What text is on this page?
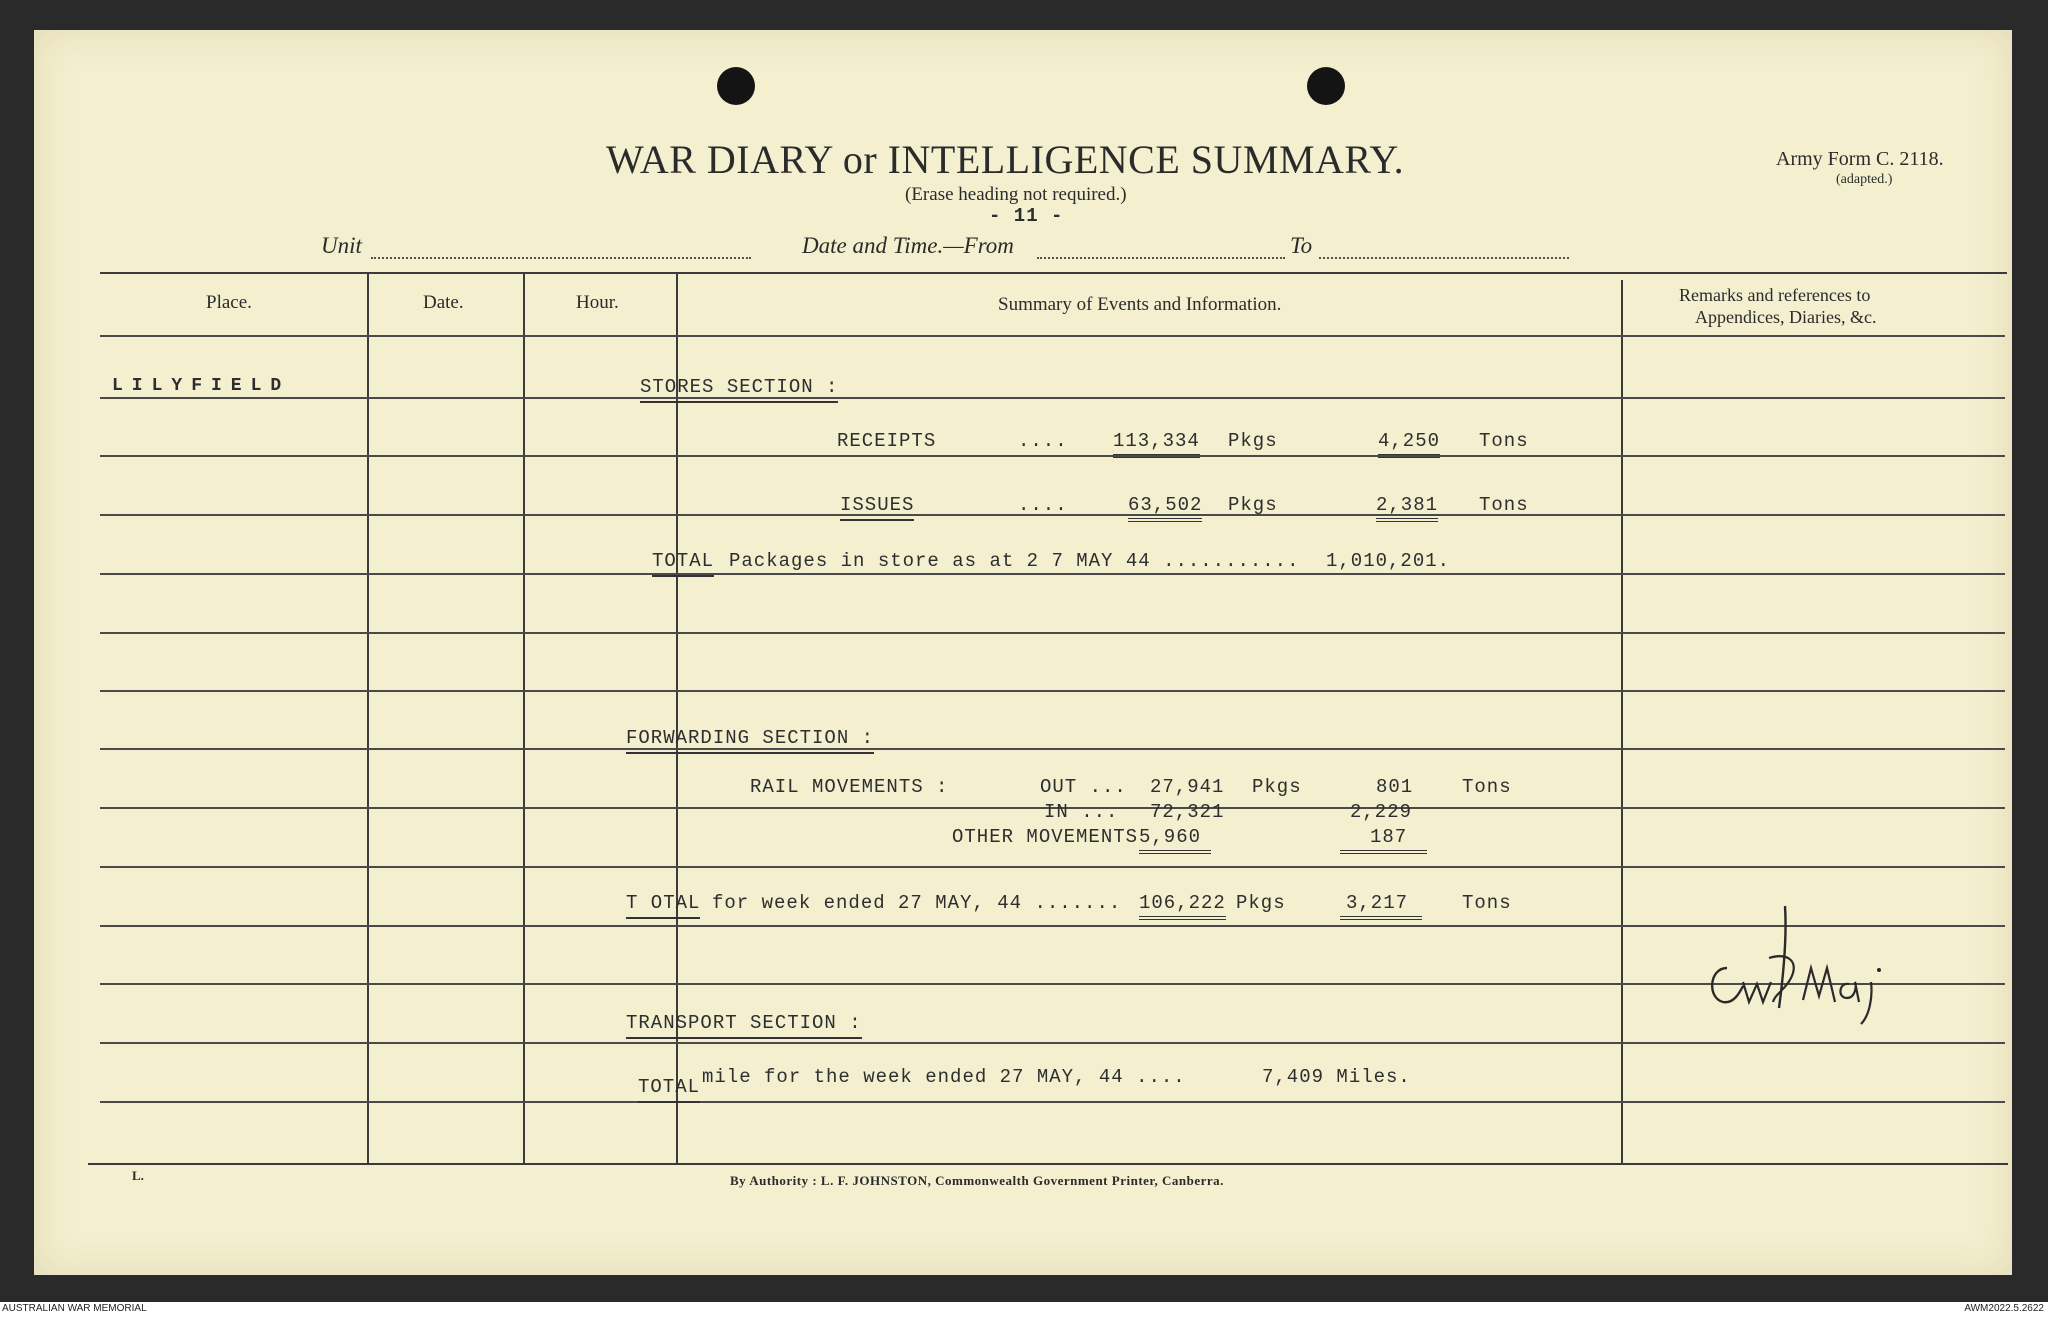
WAR DIARY or INTELLIGENCE SUMMARY.
(Erase heading not required.)
- 11 -
Army Form C. 2118.
(adapted.)
Unit	Date and Time.—From	To
Place.	Date.	Hour.	Summary of Events and Information.	Remarks and references to
Appendices, Diaries, &c.
LILYFIELD	STORES SECTION :
RECEIPTS	.... 113,334 Pkgs	4,250 Tons
ISSUES	....	63,502 Pkgs	2,381 Tons
TOTAL Packages in store as at 2 7 MAY 44 ........... 1,010,201.
FORWARDING SECTION :
RAIL MOVEMENTS :	OUT ... 27,941 Pkgs	801	Tons
IN ... 72,321	2,229
OTHER MOVEMENTS 5,960	187
T OTAL for week ended 27 MAY, 44 ....... 106,222 Pkgs	3,217	Tons
TRANSPORT SECTION :
TOTAL mile for the week ended 27 MAY, 44 ....	7,409 Miles.
L.	By Authority : L. F. JOHNSTON, Commonwealth Government Printer, Canberra.
AUSTRALIAN WAR MEMORIAL	AWM2022.5.2622
